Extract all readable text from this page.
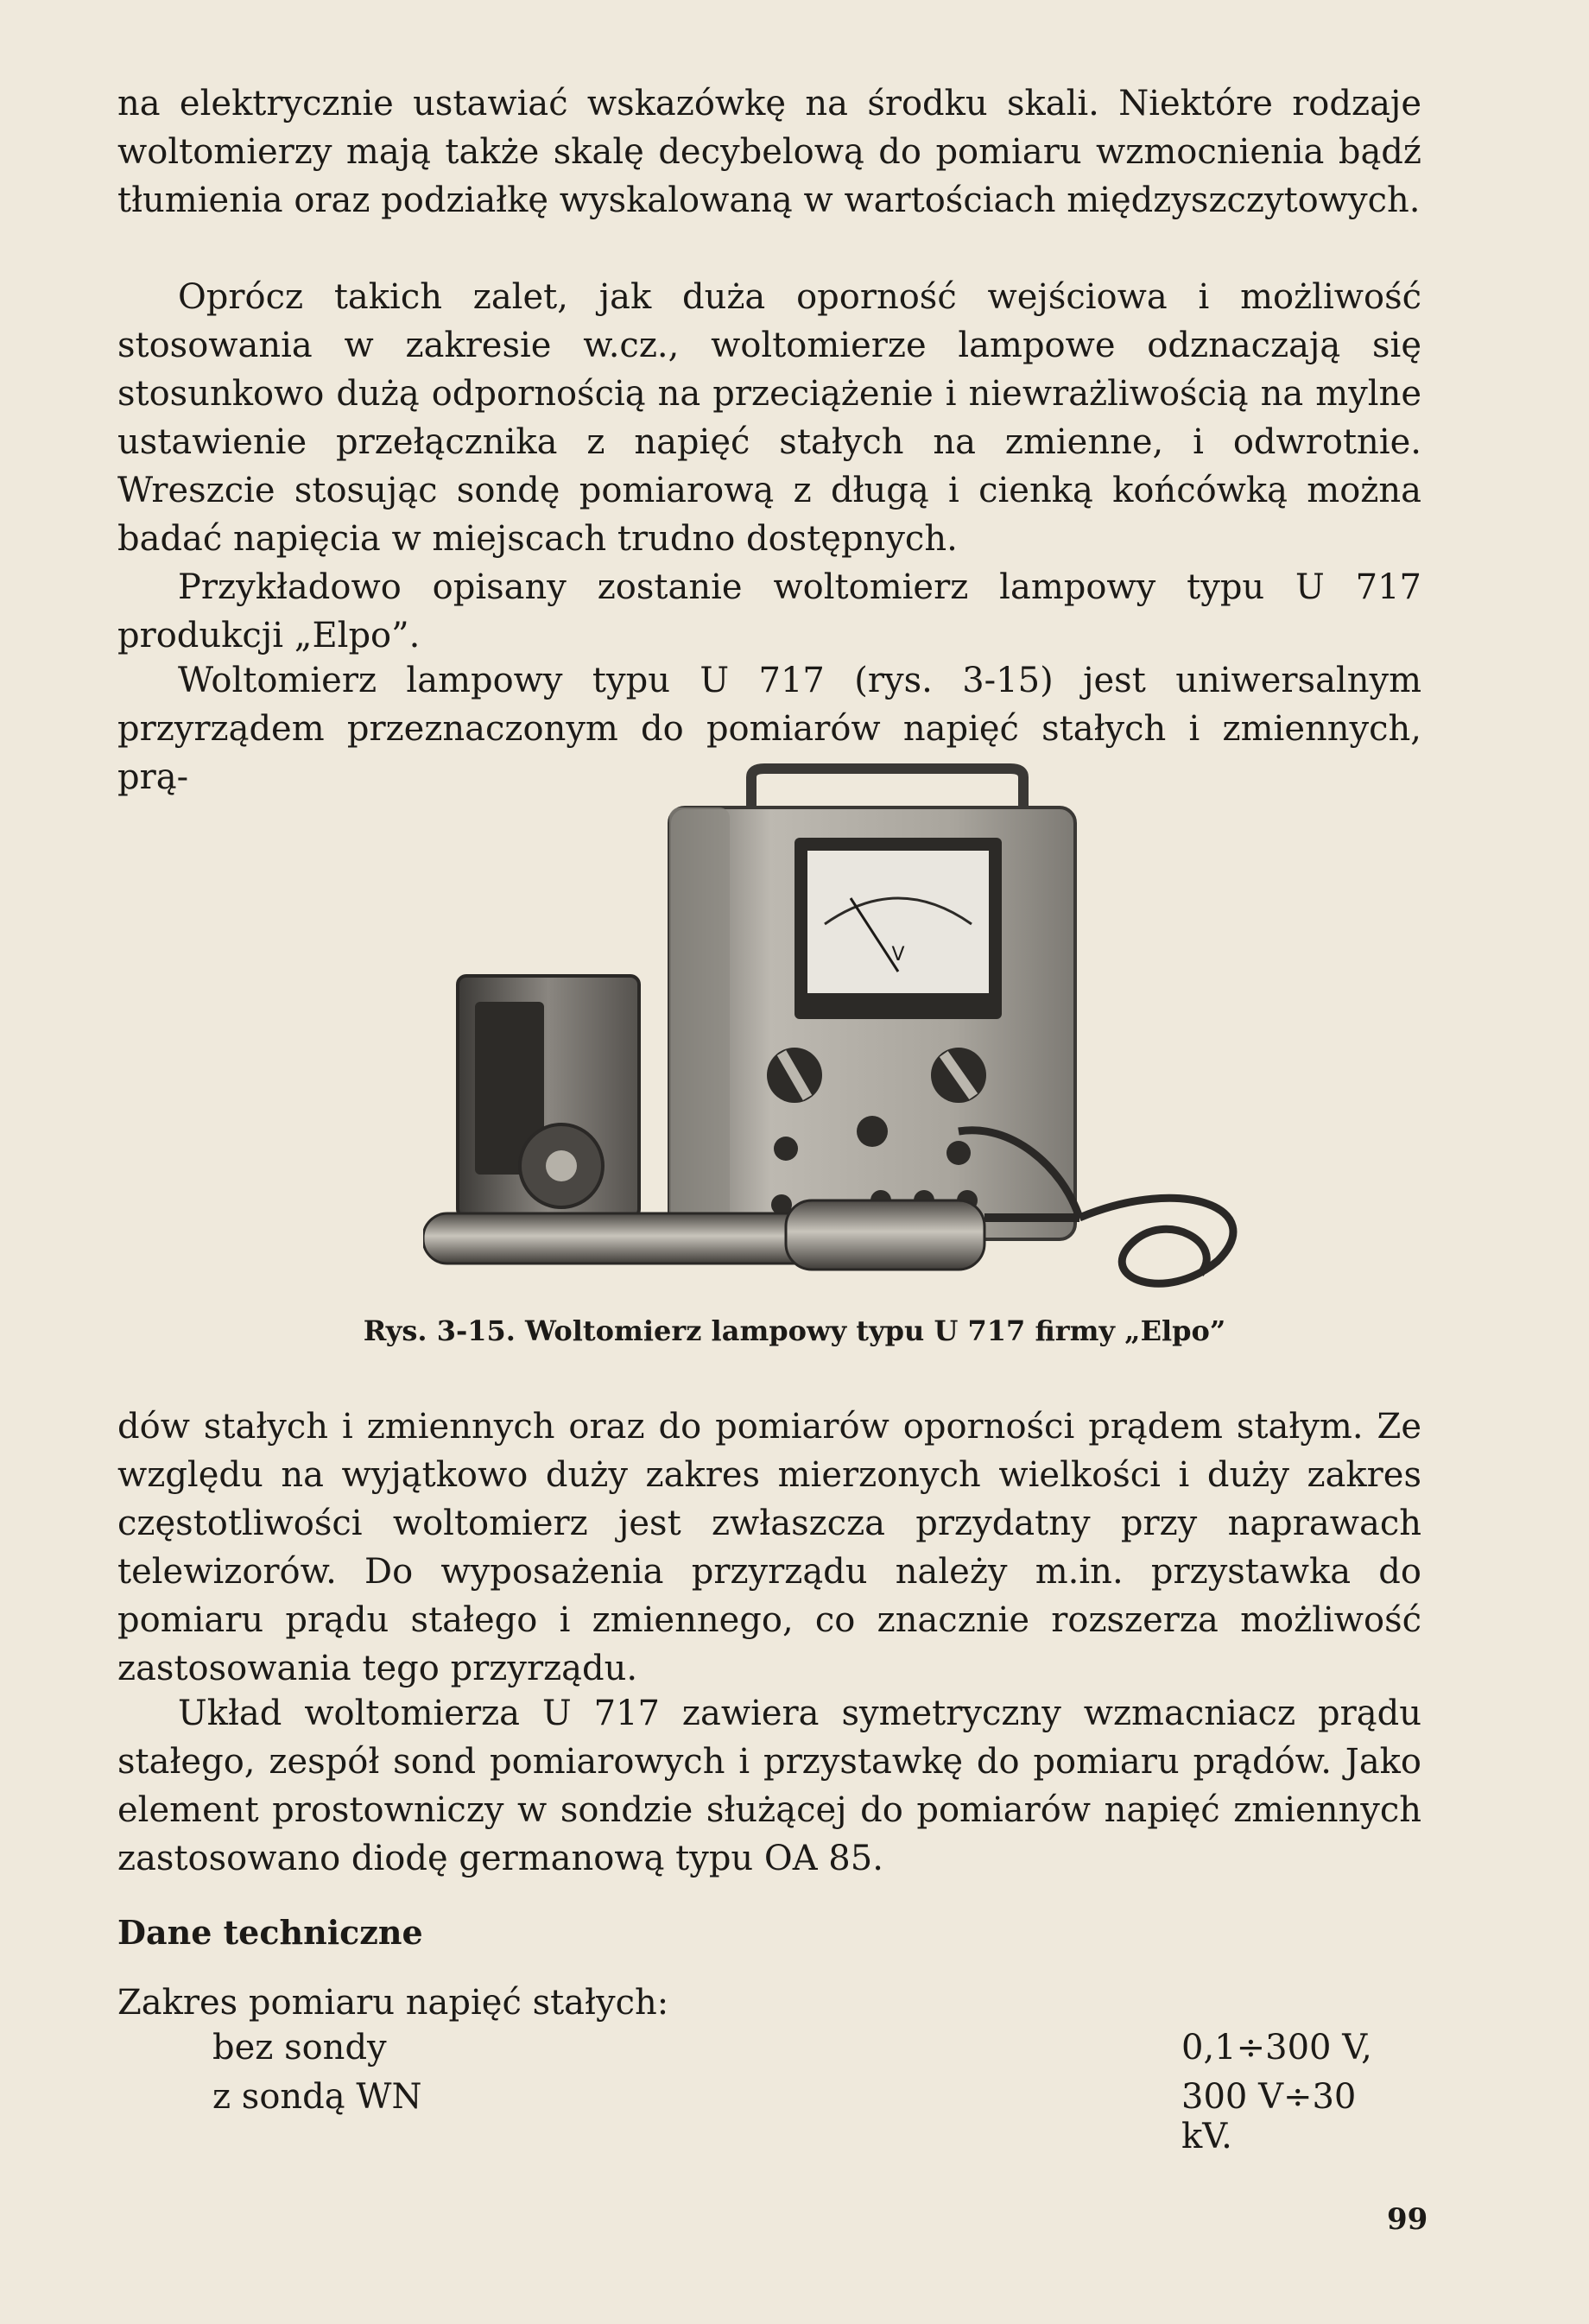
na elektrycznie ustawiać wskazówkę na środku skali. Niektóre rodzaje woltomierzy mają także skalę decybelową do pomiaru wzmocnienia bądź tłumienia oraz podziałkę wyskalowaną w wartościach międzyszczytowych.

Oprócz takich zalet, jak duża oporność wejściowa i możliwość stosowania w zakresie w.cz., woltomierze lampowe odznaczają się stosunkowo dużą odpornością na przeciążenie i niewrażliwością na mylne ustawienie przełącznika z napięć stałych na zmienne, i odwrotnie. Wreszcie stosując sondę pomiarową z długą i cienką końcówką można badać napięcia w miejscach trudno dostępnych.

Przykładowo opisany zostanie woltomierz lampowy typu U 717 produkcji „Elpo”.

Woltomierz lampowy typu U 717 (rys. 3-15) jest uniwersalnym przyrządem przeznaczonym do pomiarów napięć stałych i zmiennych, prą-

V
Rys. 3-15. Woltomierz lampowy typu U 717 firmy „Elpo”

dów stałych i zmiennych oraz do pomiarów oporności prądem stałym. Ze względu na wyjątkowo duży zakres mierzonych wielkości i duży zakres częstotliwości woltomierz jest zwłaszcza przydatny przy naprawach telewizorów. Do wyposażenia przyrządu należy m.in. przystawka do pomiaru prądu stałego i zmiennego, co znacznie rozszerza możliwość zastosowania tego przyrządu.

Układ woltomierza U 717 zawiera symetryczny wzmacniacz prądu stałego, zespół sond pomiarowych i przystawkę do pomiaru prądów. Jako element prostowniczy w sondzie służącej do pomiarów napięć zmiennych zastosowano diodę germanową typu OA 85.

Dane techniczne

Zakres pomiaru napięć stałych:

bez sondy	0,1÷300 V,
z sondą WN	300 V÷30 kV.
99
